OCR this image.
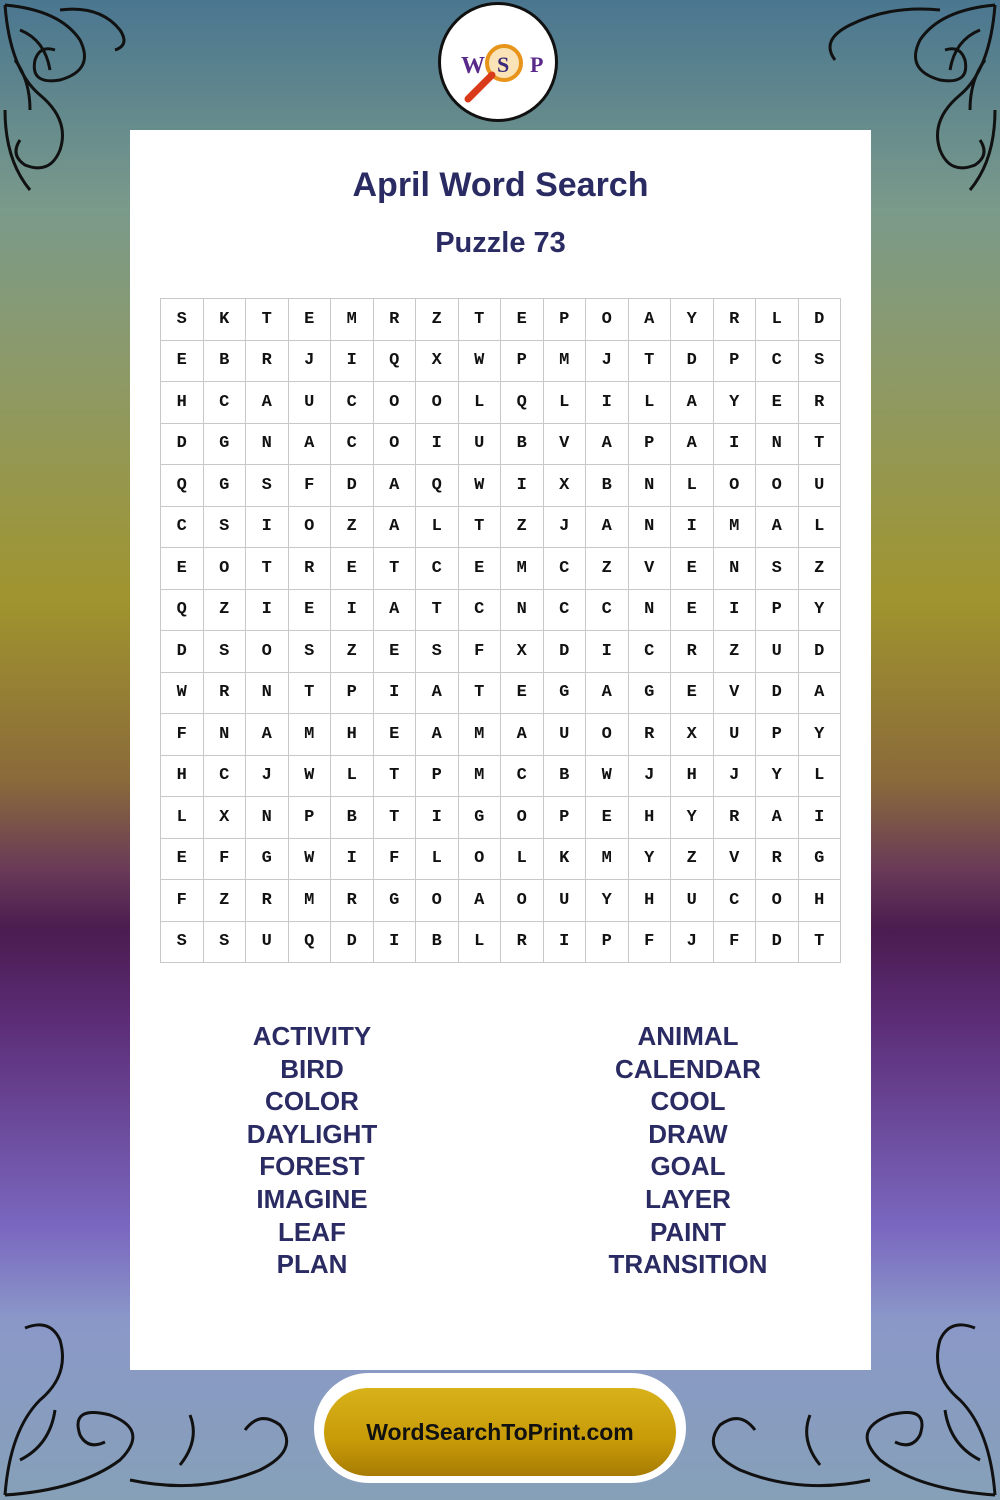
W S P
April Word Search
Puzzle 73
S	K	T	E	M	R	Z	T	E	P	O	A	Y	R	L	D
E	B	R	J	I	Q	X	W	P	M	J	T	D	P	C	S
H	C	A	U	C	O	O	L	Q	L	I	L	A	Y	E	R
D	G	N	A	C	O	I	U	B	V	A	P	A	I	N	T
Q	G	S	F	D	A	Q	W	I	X	B	N	L	O	O	U
C	S	I	O	Z	A	L	T	Z	J	A	N	I	M	A	L
E	O	T	R	E	T	C	E	M	C	Z	V	E	N	S	Z
Q	Z	I	E	I	A	T	C	N	C	C	N	E	I	P	Y
D	S	O	S	Z	E	S	F	X	D	I	C	R	Z	U	D
W	R	N	T	P	I	A	T	E	G	A	G	E	V	D	A
F	N	A	M	H	E	A	M	A	U	O	R	X	U	P	Y
H	C	J	W	L	T	P	M	C	B	W	J	H	J	Y	L
L	X	N	P	B	T	I	G	O	P	E	H	Y	R	A	I
E	F	G	W	I	F	L	O	L	K	M	Y	Z	V	R	G
F	Z	R	M	R	G	O	A	O	U	Y	H	U	C	O	H
S	S	U	Q	D	I	B	L	R	I	P	F	J	F	D	T
ACTIVITY
BIRD
COLOR
DAYLIGHT
FOREST
IMAGINE
LEAF
PLAN
ANIMAL
CALENDAR
COOL
DRAW
GOAL
LAYER
PAINT
TRANSITION
WordSearchToPrint.com
